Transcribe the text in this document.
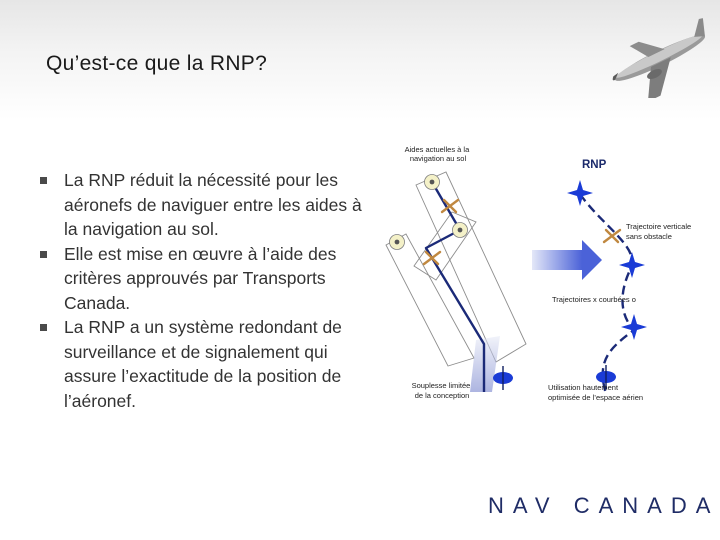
Qu’est-ce que la RNP?
La RNP réduit la nécessité pour les aéronefs de naviguer entre les aides à la navigation au sol.
Elle est mise en œuvre à l’aide des critères approuvés par Transports Canada.
La RNP a un système redondant de surveillance et de signalement qui assure l’exactitude de la position de l’aéronef.
Aides actuelles à la navigation au sol
Souplesse limitée de la conception
RNP
Trajectoire verticale sans obstacle
Trajectoires x courbées o
Utilisation hautement optimisée de l’espace aérien
NAV CANADA
